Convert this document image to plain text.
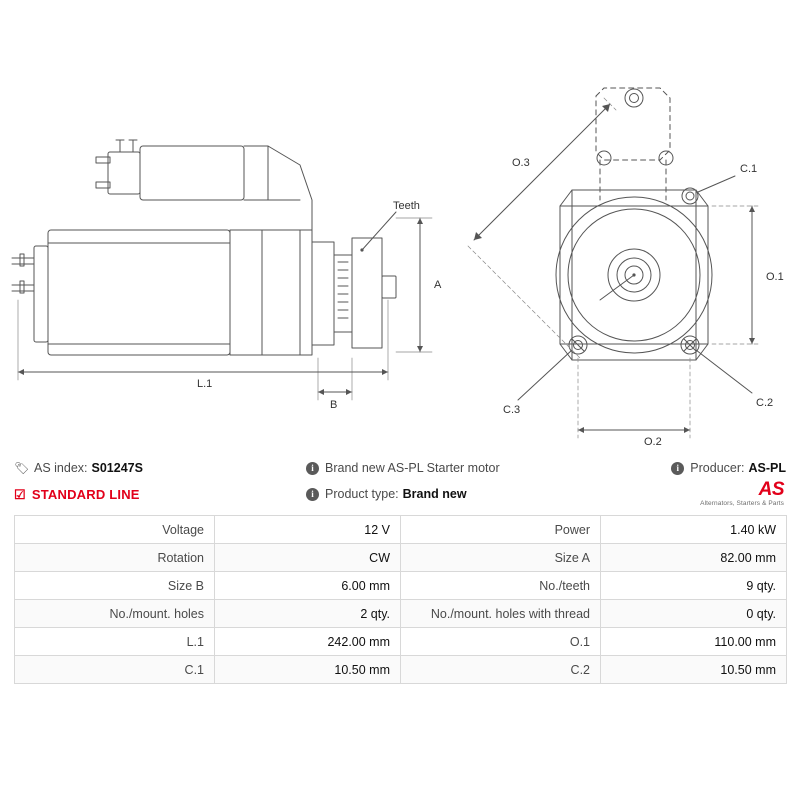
Teeth
A
B
L.1
O.1
O.2
O.3	C.1
C.2
C.3
🏷 AS index: S01247S	i Brand new AS-PL Starter motor	i Producer: AS-PL
☑ STANDARD LINE	i Product type: Brand new	AS
Alternators, Starters & Parts
Voltage	12 V	Power	1.40 kW
Rotation	CW	Size A	82.00 mm
Size B	6.00 mm	No./teeth	9 qty.
No./mount. holes	2 qty.	No./mount. holes with thread	0 qty.
L.1	242.00 mm	O.1	110.00 mm
C.1	10.50 mm	C.2	10.50 mm
